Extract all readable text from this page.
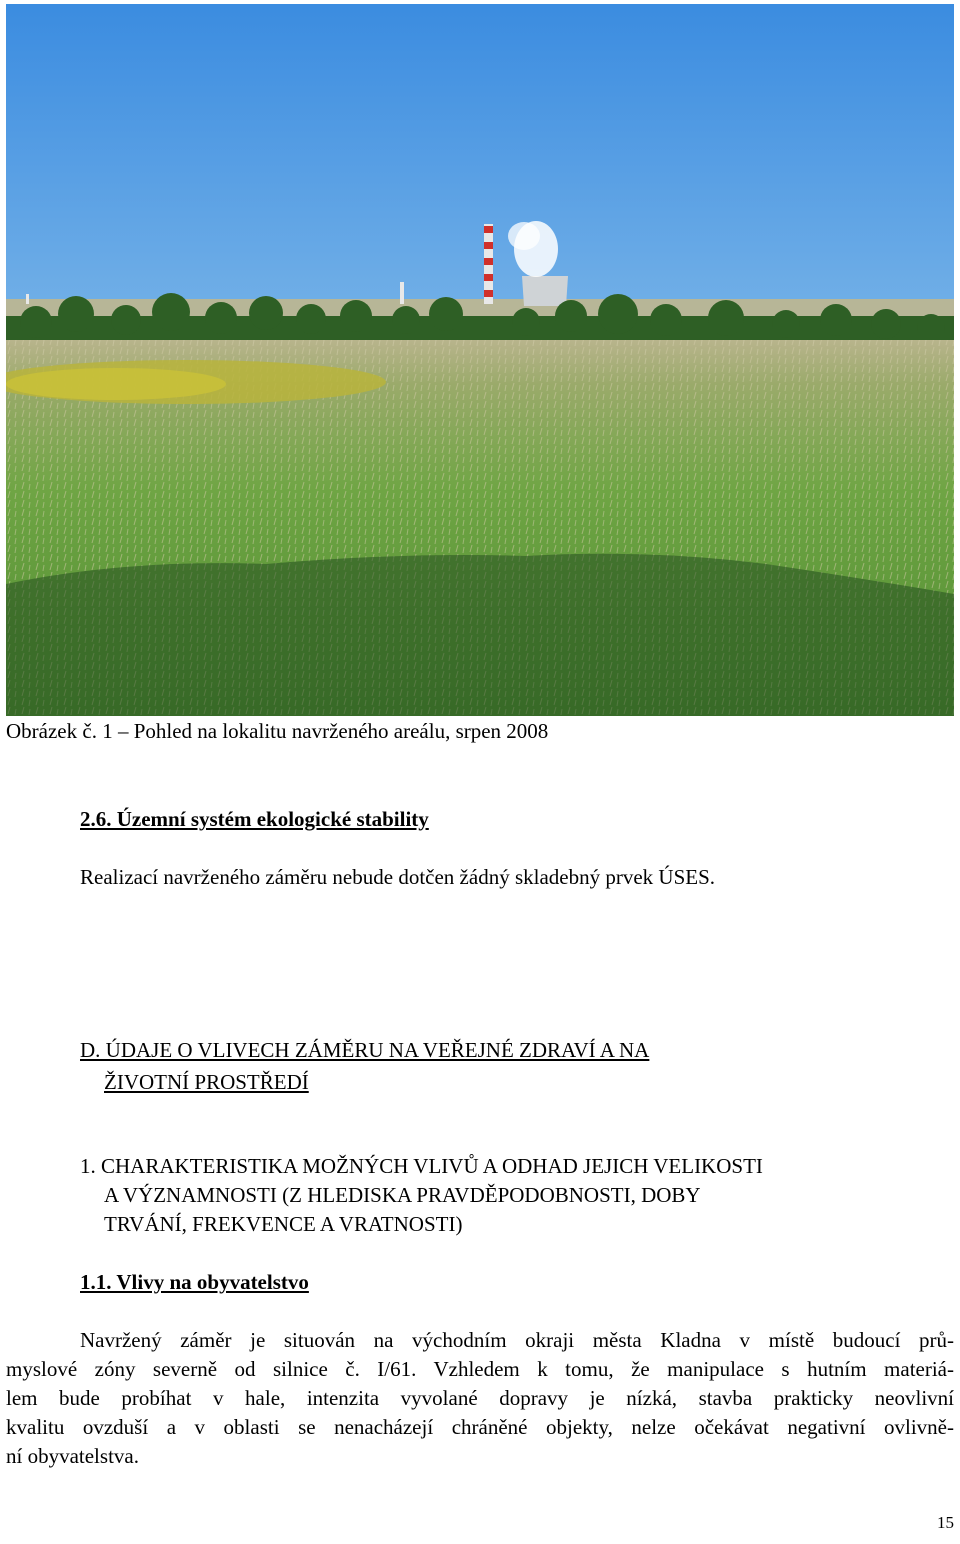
Obrázek č. 1 – Pohled na lokalitu navrženého areálu, srpen 2008
2.6. Územní systém ekologické stability
Realizací navrženého záměru nebude dotčen žádný skladebný prvek ÚSES.
D. ÚDAJE O VLIVECH ZÁMĚRU NA VEŘEJNÉ ZDRAVÍ A NA
ŽIVOTNÍ PROSTŘEDÍ
1. CHARAKTERISTIKA MOŽNÝCH VLIVŮ A ODHAD JEJICH VELIKOSTI
A VÝZNAMNOSTI (Z HLEDISKA PRAVDĚPODOBNOSTI, DOBY
TRVÁNÍ, FREKVENCE A VRATNOSTI)
1.1. Vlivy na obyvatelstvo
Navržený záměr je situován na východním okraji města Kladna v místě budoucí prů-
myslové zóny severně od silnice č. I/61. Vzhledem k tomu, že manipulace s hutním materiá-
lem bude probíhat v hale, intenzita vyvolané dopravy je nízká, stavba prakticky neovlivní
kvalitu ovzduší a v oblasti se nenacházejí chráněné objekty, nelze očekávat negativní ovlivně-
ní obyvatelstva.
15
